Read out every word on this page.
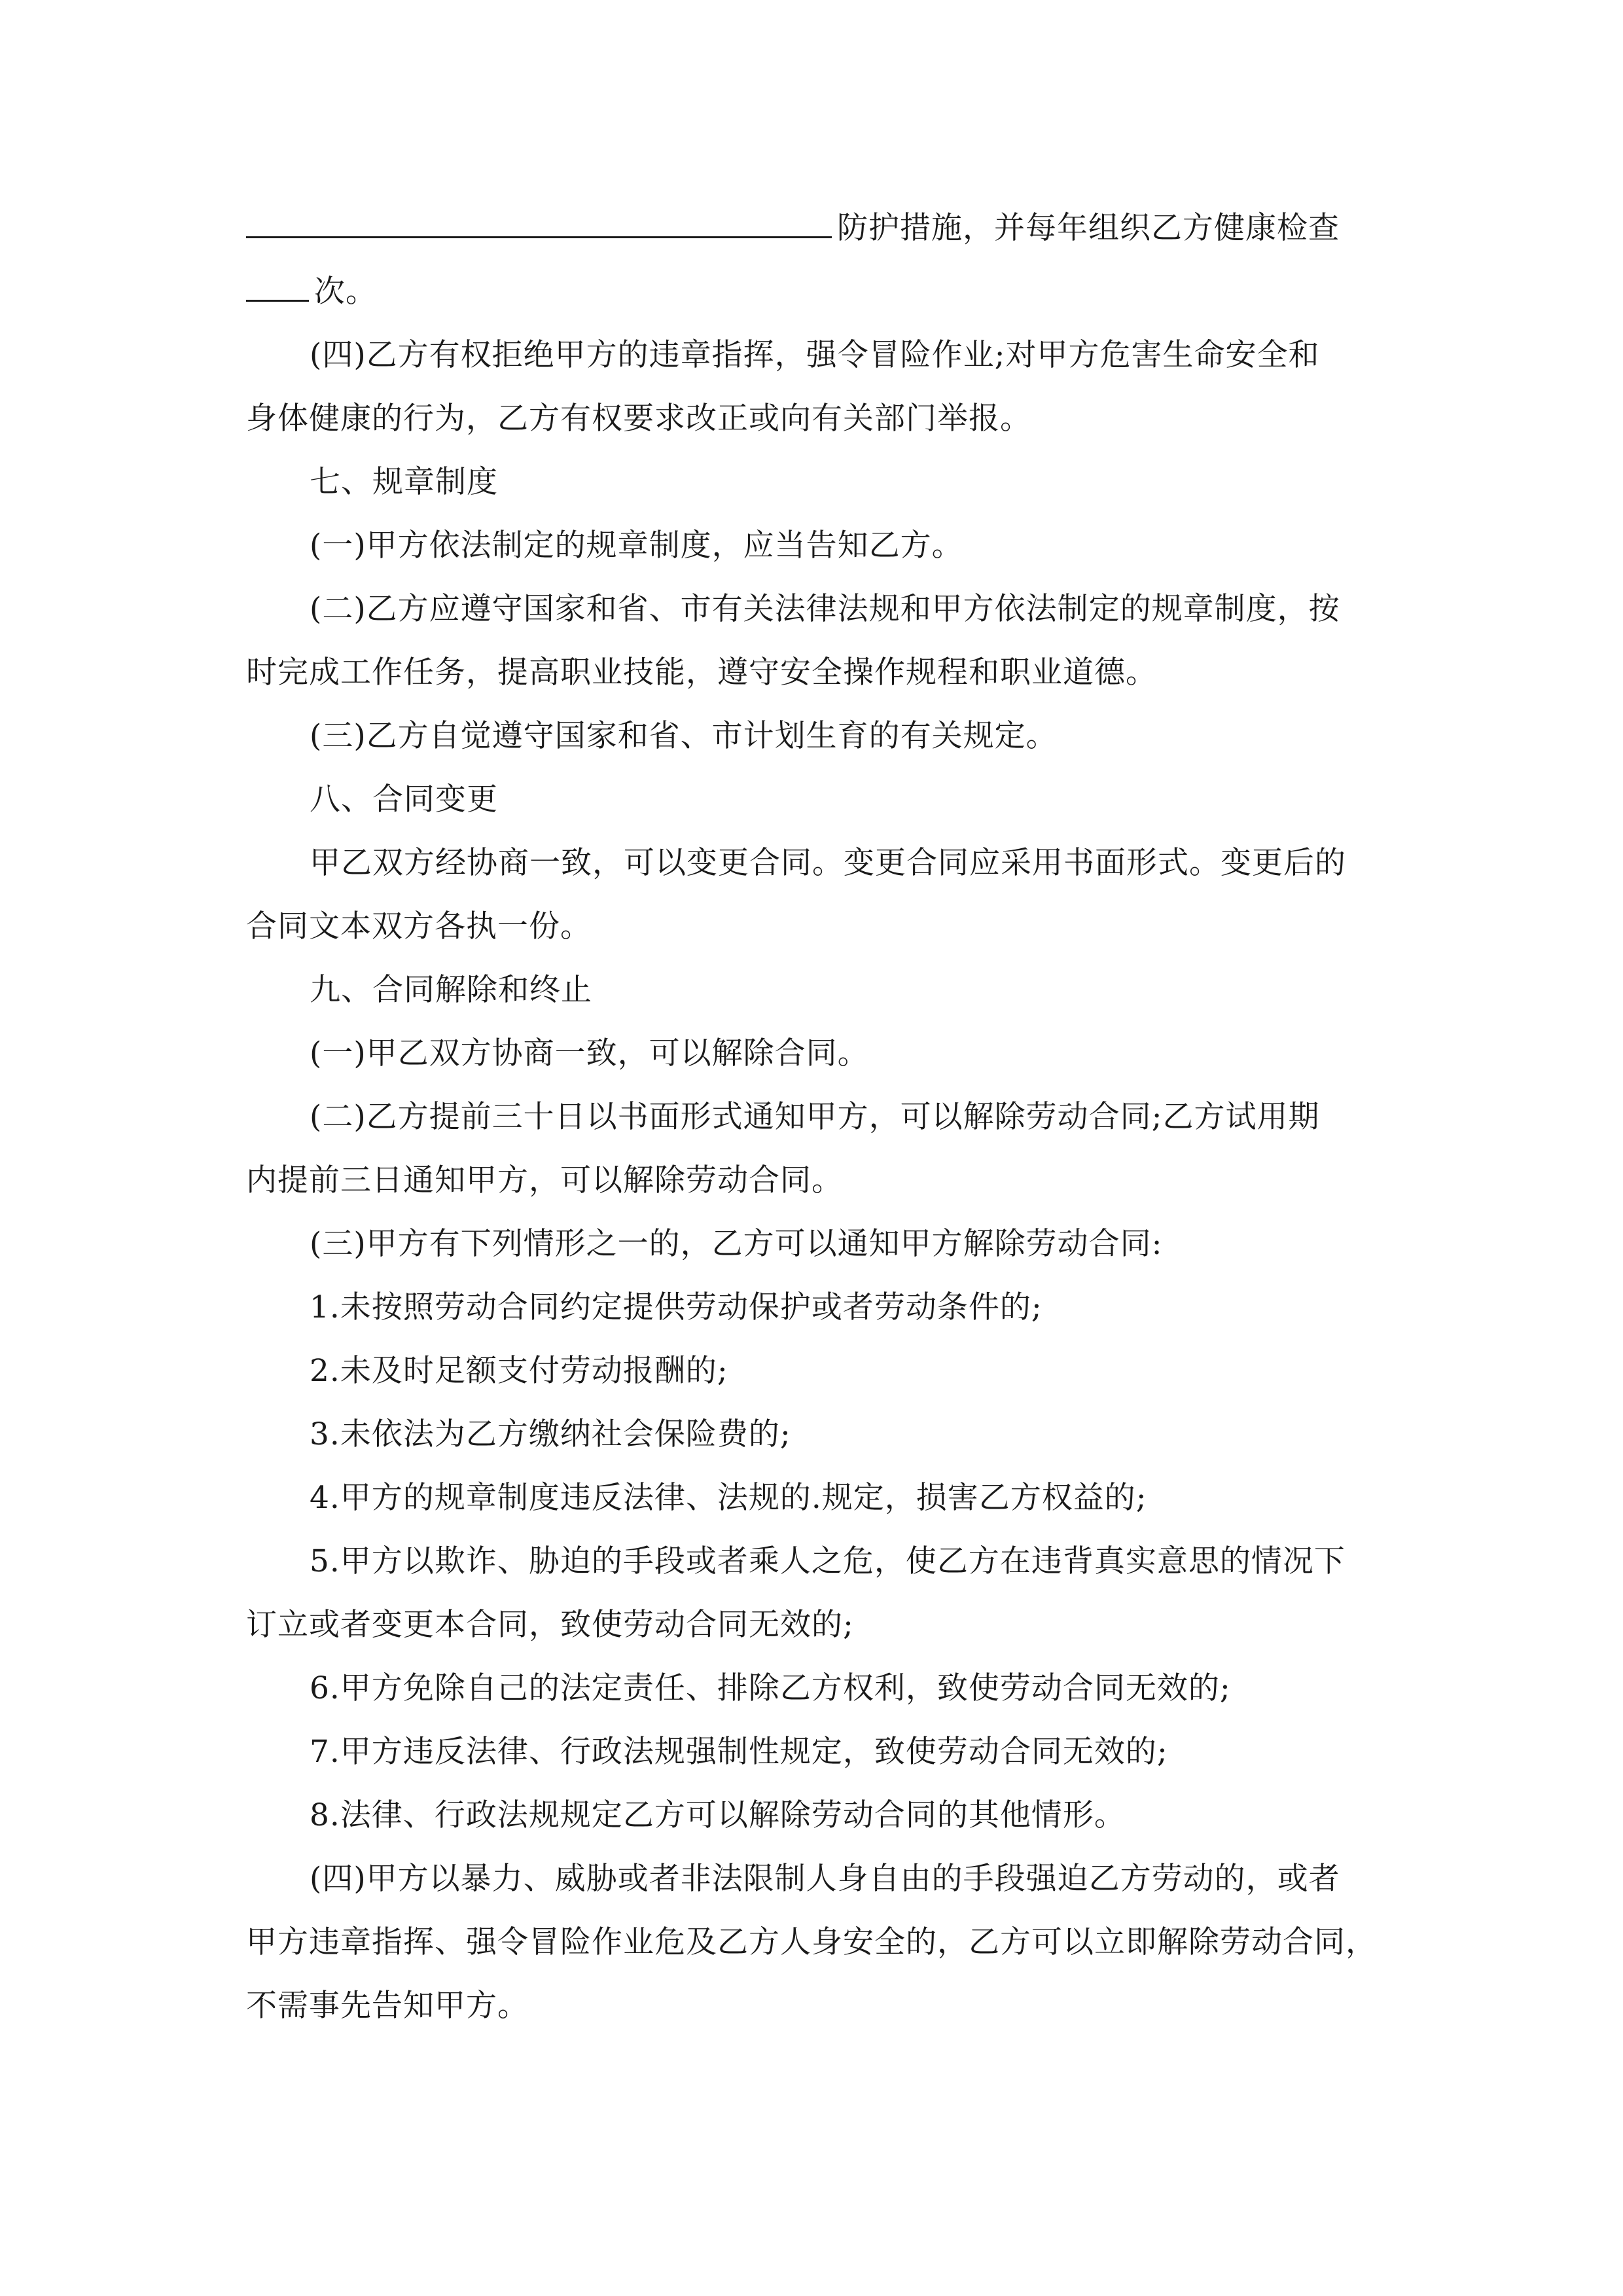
防护措施，并每年组织乙方健康检查
次。
(四)乙方有权拒绝甲方的违章指挥，强令冒险作业;对甲方危害生命安全和
身体健康的行为，乙方有权要求改正或向有关部门举报。
七、规章制度
(一)甲方依法制定的规章制度，应当告知乙方。
(二)乙方应遵守国家和省、市有关法律法规和甲方依法制定的规章制度，按
时完成工作任务，提高职业技能，遵守安全操作规程和职业道德。
(三)乙方自觉遵守国家和省、市计划生育的有关规定。
八、合同变更
甲乙双方经协商一致，可以变更合同。变更合同应采用书面形式。变更后的
合同文本双方各执一份。
九、合同解除和终止
(一)甲乙双方协商一致，可以解除合同。
(二)乙方提前三十日以书面形式通知甲方，可以解除劳动合同;乙方试用期
内提前三日通知甲方，可以解除劳动合同。
(三)甲方有下列情形之一的，乙方可以通知甲方解除劳动合同:
1.未按照劳动合同约定提供劳动保护或者劳动条件的;
2.未及时足额支付劳动报酬的;
3.未依法为乙方缴纳社会保险费的;
4.甲方的规章制度违反法律、法规的.规定，损害乙方权益的;
5.甲方以欺诈、胁迫的手段或者乘人之危，使乙方在违背真实意思的情况下
订立或者变更本合同，致使劳动合同无效的;
6.甲方免除自己的法定责任、排除乙方权利，致使劳动合同无效的;
7.甲方违反法律、行政法规强制性规定，致使劳动合同无效的;
8.法律、行政法规规定乙方可以解除劳动合同的其他情形。
(四)甲方以暴力、威胁或者非法限制人身自由的手段强迫乙方劳动的，或者
甲方违章指挥、强令冒险作业危及乙方人身安全的，乙方可以立即解除劳动合同，
不需事先告知甲方。
